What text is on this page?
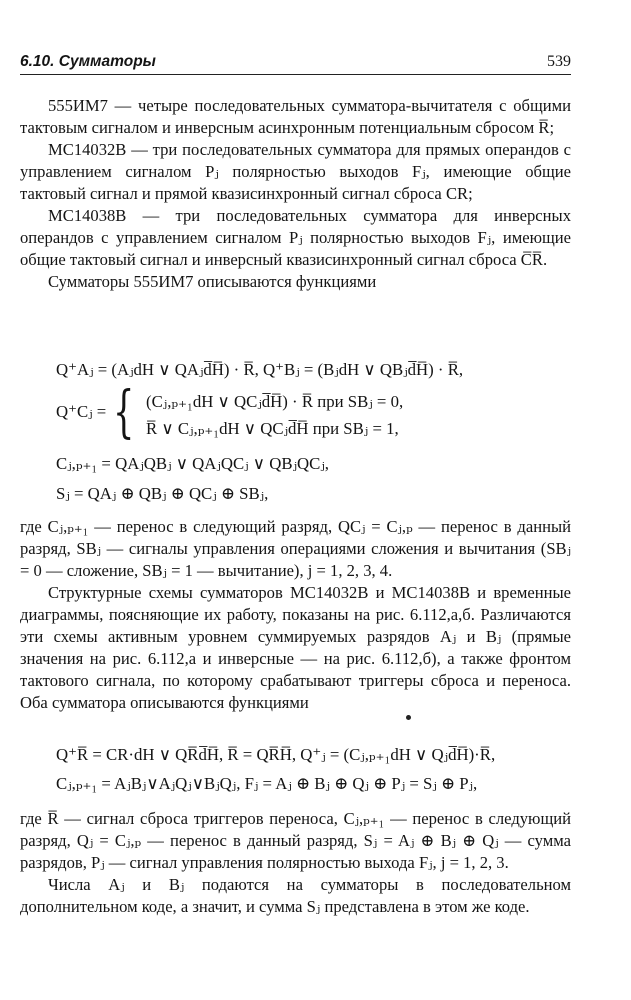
6.10. Сумматоры	539

555ИМ7 — четыре последовательных сумматора-вычитателя с общими тактовым сигналом и инверсным асинхронным потенциальным сбросом R̅;

MC14032B — три последовательных сумматора для прямых операндов с управлением сигналом Pⱼ полярностью выходов Fⱼ, имеющие общие тактовый сигнал и прямой квазисинхронный сигнал сброса CR;

MC14038B — три последовательных сумматора для инверсных операндов с управлением сигналом Pⱼ полярностью выходов Fⱼ, имеющие общие тактовый сигнал и инверсный квазисинхронный сигнал сброса C̅R̅.

Сумматоры 555ИМ7 описываются функциями

Q⁺Aⱼ = (AⱼdH ∨ QAⱼd̅H̅) · R̅, Q⁺Bⱼ = (BⱼdH ∨ QBⱼd̅H̅) · R̅,
Q⁺Cⱼ = { (Cⱼ,ₚ₊₁dH ∨ QCⱼd̅H̅) · R̅ при SBⱼ = 0,
R̅ ∨ Cⱼ,ₚ₊₁dH ∨ QCⱼd̅H̅ при SBⱼ = 1,
Cⱼ,ₚ₊₁ = QAⱼQBⱼ ∨ QAⱼQCⱼ ∨ QBⱼQCⱼ,
Sⱼ = QAⱼ ⊕ QBⱼ ⊕ QCⱼ ⊕ SBⱼ,

где Cⱼ,ₚ₊₁ — перенос в следующий разряд, QCⱼ = Cⱼ,ₚ — перенос в данный разряд, SBⱼ — сигналы управления операциями сложения и вычитания (SBⱼ = 0 — сложение, SBⱼ = 1 — вычитание), j = 1, 2, 3, 4.

Структурные схемы сумматоров MC14032B и MC14038B и временные диаграммы, поясняющие их работу, показаны на рис. 6.112,а,б. Различаются эти схемы активным уровнем суммируемых разрядов Aⱼ и Bⱼ (прямые значения на рис. 6.112,а и инверсные — на рис. 6.112,б), а также фронтом тактового сигнала, по которому срабатывают триггеры сброса и переноса. Оба сумматора описываются функциями

Q⁺R̅ = CR·dH ∨ QR̅d̅H̅, R̅ = QR̅H̅, Q⁺ⱼ = (Cⱼ,ₚ₊₁dH ∨ Qⱼd̅H̅)·R̅,
Cⱼ,ₚ₊₁ = AⱼBⱼ∨AⱼQⱼ∨BⱼQⱼ, Fⱼ = Aⱼ ⊕ Bⱼ ⊕ Qⱼ ⊕ Pⱼ = Sⱼ ⊕ Pⱼ,

где R̅ — сигнал сброса триггеров переноса, Cⱼ,ₚ₊₁ — перенос в следующий разряд, Qⱼ = Cⱼ,ₚ — перенос в данный разряд, Sⱼ = Aⱼ ⊕ Bⱼ ⊕ Qⱼ — сумма разрядов, Pⱼ — сигнал управления полярностью выхода Fⱼ, j = 1, 2, 3.

Числа Aⱼ и Bⱼ подаются на сумматоры в последовательном дополнительном коде, а значит, и сумма Sⱼ представлена в этом же коде.
